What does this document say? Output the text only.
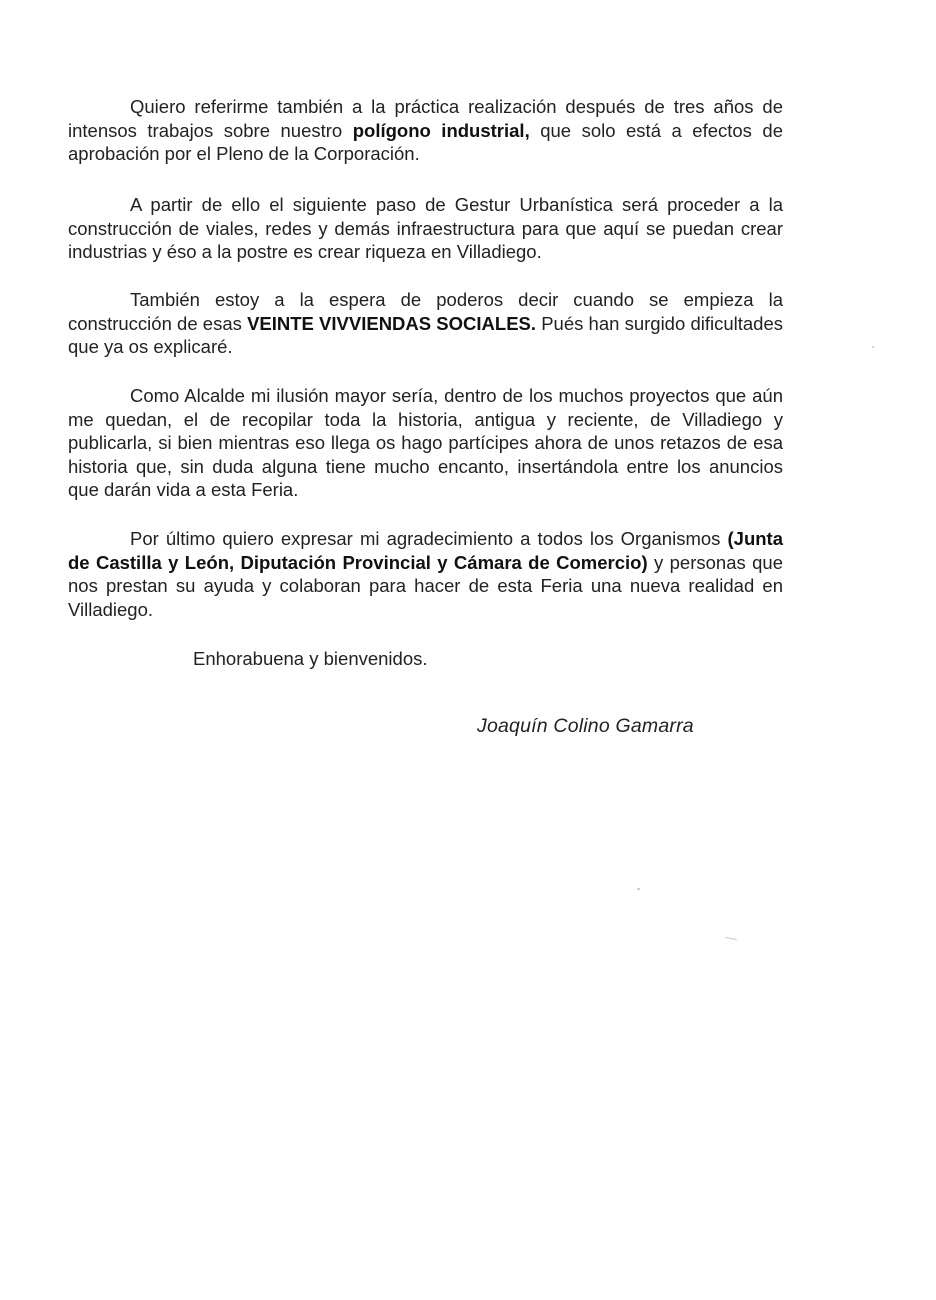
Quiero referirme también a la práctica realización después de tres años de intensos trabajos sobre nuestro polígono industrial, que solo está a efectos de aprobación por el Pleno de la Corporación.

A partir de ello el siguiente paso de Gestur Urbanística será proceder a la construcción de viales, redes y demás infraestructura para que aquí se puedan crear industrias y éso a la postre es crear riqueza en Villadiego.

También estoy a la espera de poderos decir cuando se empieza la construcción de esas VEINTE VIVVIENDAS SOCIALES. Pués han surgido dificultades que ya os explicaré.

Como Alcalde mi ilusión mayor sería, dentro de los muchos proyectos que aún me quedan, el de recopilar toda la historia, antigua y reciente, de Villadiego y publicarla, si bien mientras eso llega os hago partícipes ahora de unos retazos de esa historia que, sin duda alguna tiene mucho encanto, insertándola entre los anuncios que darán vida a esta Feria.

Por último quiero expresar mi agradecimiento a todos los Organismos (Junta de Castilla y León, Diputación Provincial y Cámara de Comercio) y personas que nos prestan su ayuda y colaboran para hacer de esta Feria una nueva realidad en Villadiego.

Enhorabuena y bienvenidos.

Joaquín Colino Gamarra
